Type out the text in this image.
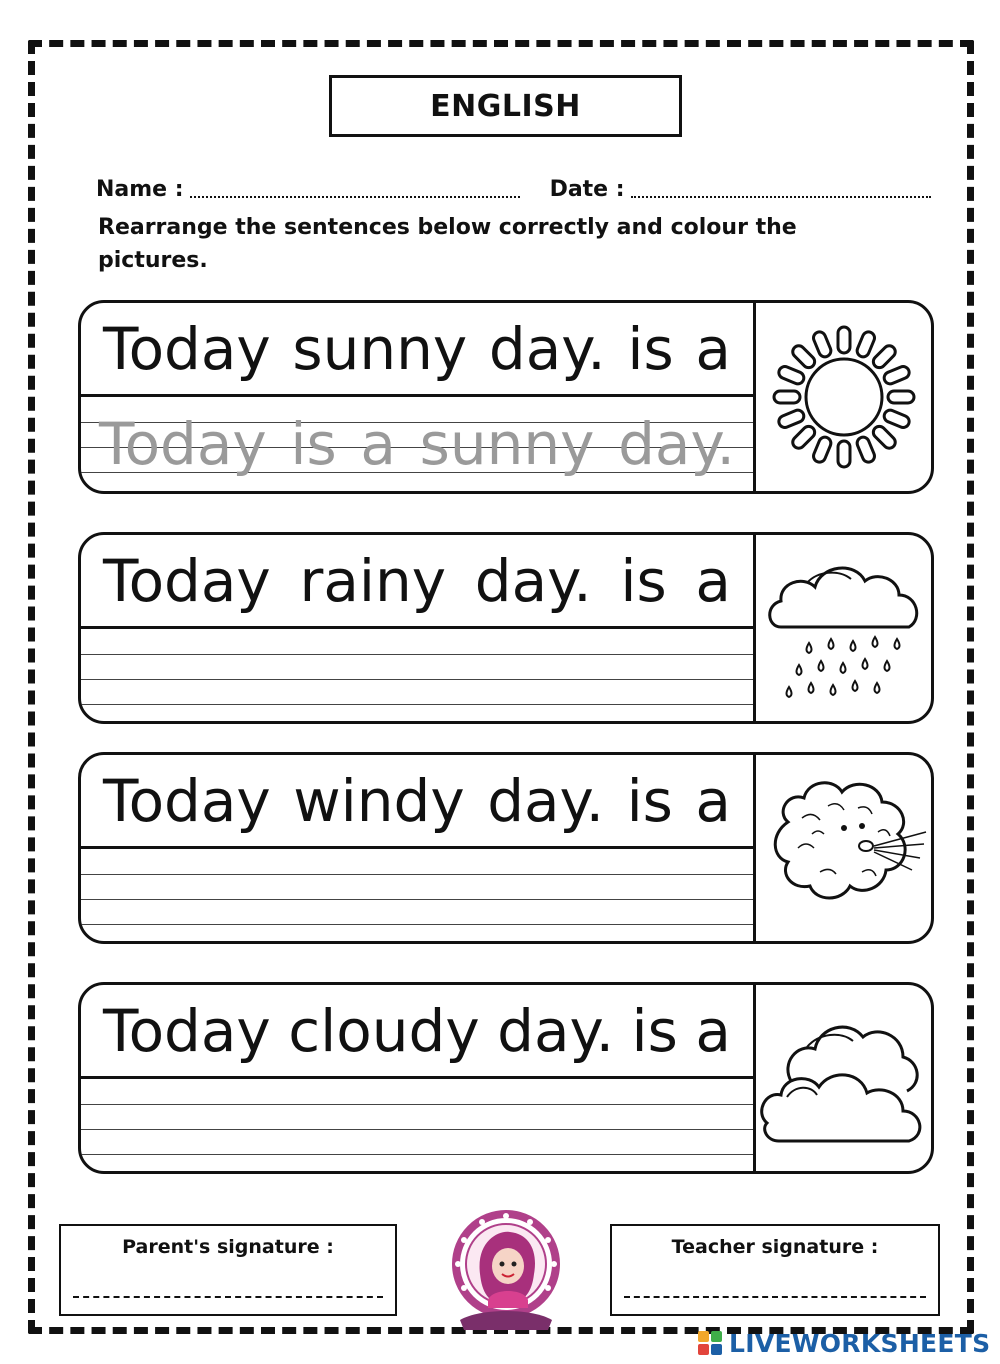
ENGLISH
Name :	Date :
Rearrange the sentences below correctly and colour the pictures.
Today sunny day. is a
Today is a sunny day.
Today rainy day. is a
Today windy day. is a
Today cloudy day. is a
Parent's signature :	Teacher signature :
LIVEWORKSHEETS
